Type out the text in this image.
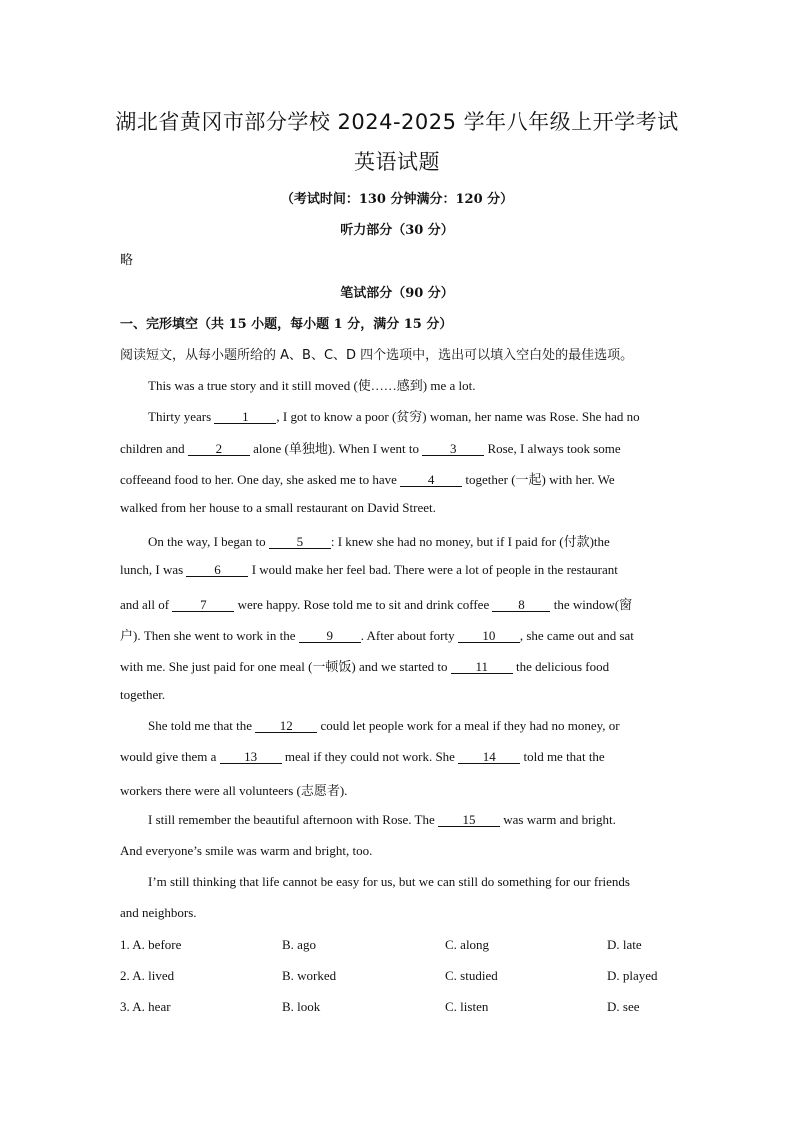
湖北省黄冈市部分学校 2024-2025 学年八年级上开学考试
英语试题
（考试时间：130 分钟满分：120 分）
听力部分（30 分）
略
笔试部分（90 分）
一、完形填空（共 15 小题，每小题 1 分，满分 15 分）
阅读短文，从每小题所给的 A、B、C、D 四个选项中，选出可以填入空白处的最佳选项。
This was a true story and it still moved (使……感到) me a lot.
Thirty years 1 , I got to know a poor (贫穷) woman, her name was Rose. She had no
children and 2 alone (单独地). When I went to 3 Rose, I always took some
coffeeand food to her. One day, she asked me to have 4 together (一起) with her. We
walked from her house to a small restaurant on David Street.
On the way, I began to 5 : I knew she had no money, but if I paid for (付款)the
lunch, I was 6 I would make her feel bad. There were a lot of people in the restaurant
and all of 7 were happy. Rose told me to sit and drink coffee 8 the window(窗
户). Then she went to work in the 9 . After about forty 10 , she came out and sat
with me. She just paid for one meal (一顿饭) and we started to 11 the delicious food
together.
She told me that the 12 could let people work for a meal if they had no money, or
would give them a 13 meal if they could not work. She 14 told me that the
workers there were all volunteers (志愿者).
I still remember the beautiful afternoon with Rose. The 15 was warm and bright.
And everyone’s smile was warm and bright, too.
I’m still thinking that life cannot be easy for us, but we can still do something for our friends
and neighbors.
1. A. before	B. ago	C. along	D. late
2. A. lived	B. worked	C. studied	D. played
3. A. hear	B. look	C. listen	D. see
